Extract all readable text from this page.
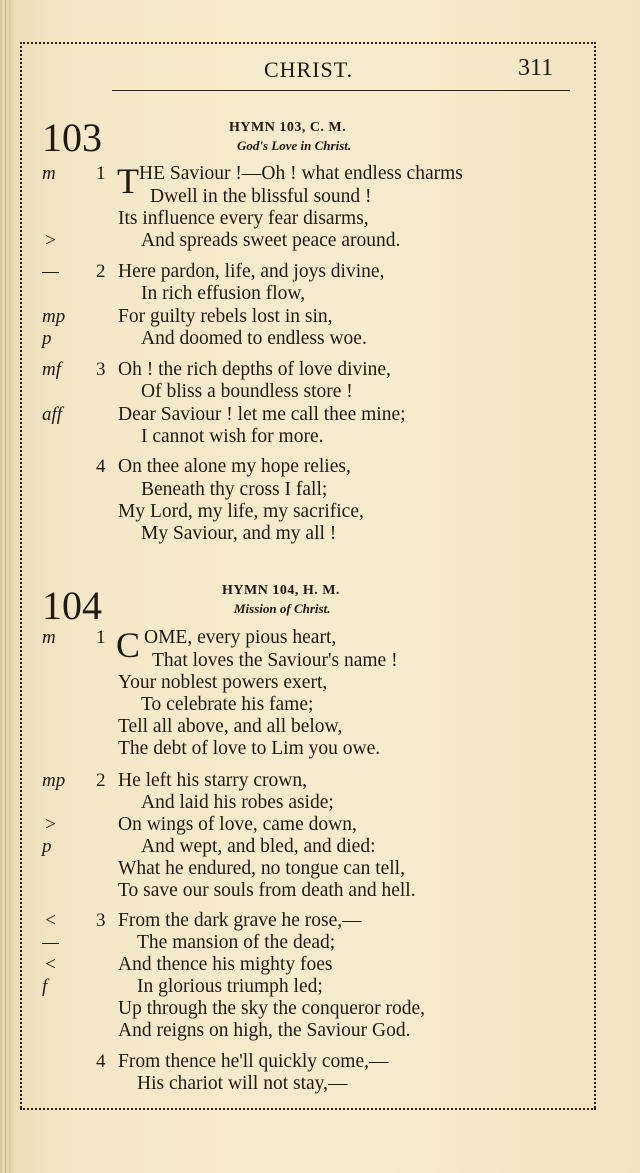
CHRIST.	311
103	HYMN 103, C. M.
God's Love in Christ.
m 1 T HE Saviour !—Oh ! what endless charms
Dwell in the blissful sound !
Its influence every fear disarms,
>	And spreads sweet peace around.
— 2 Here pardon, life, and joys divine,
In rich effusion flow,
mp	For guilty rebels lost in sin,
p	And doomed to endless woe.
mf 3 Oh ! the rich depths of love divine,
Of bliss a boundless store !
aff	Dear Saviour ! let me call thee mine;
I cannot wish for more.
4 On thee alone my hope relies,
Beneath thy cross I fall;
My Lord, my life, my sacrifice,
My Saviour, and my all !
104	HYMN 104, H. M.
Mission of Christ.
m 1 C OME, every pious heart,
That loves the Saviour's name !
Your noblest powers exert,
To celebrate his fame;
Tell all above, and all below,
The debt of love to Lim you owe.
mp 2 He left his starry crown,
And laid his robes aside;
>	On wings of love, came down,
p	And wept, and bled, and died:
What he endured, no tongue can tell,
To save our souls from death and hell.
< 3 From the dark grave he rose,—
—	The mansion of the dead;
<	And thence his mighty foes
f	In glorious triumph led;
Up through the sky the conqueror rode,
And reigns on high, the Saviour God.
4 From thence he'll quickly come,—
His chariot will not stay,—
